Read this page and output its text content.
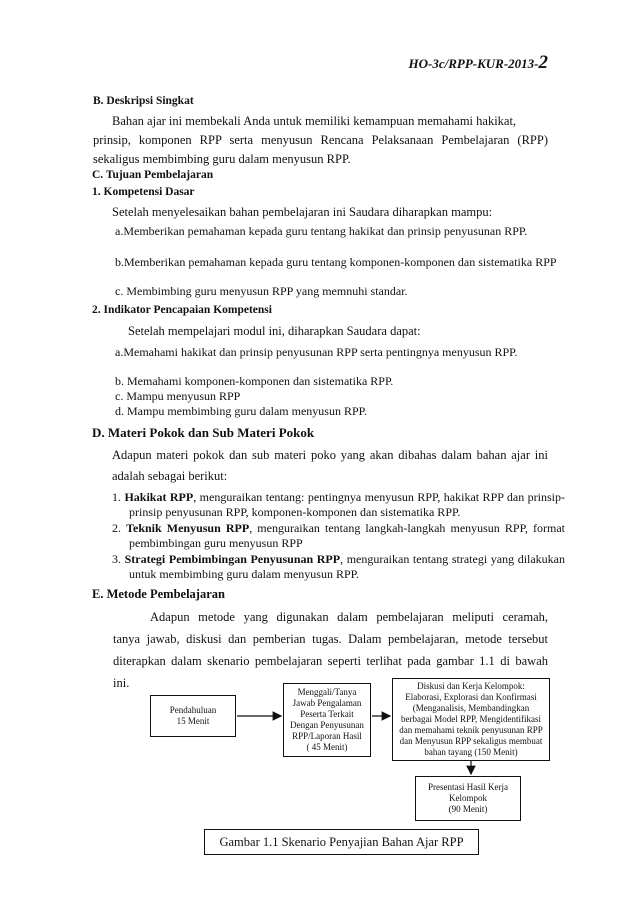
HO-3c/RPP-KUR-2013-2
B. Deskripsi Singkat
Bahan ajar ini membekali Anda untuk memiliki kemampuan memahami hakikat,
prinsip, komponen RPP serta menyusun Rencana Pelaksanaan Pembelajaran (RPP)
sekaligus membimbing guru dalam menyusun RPP.
C. Tujuan Pembelajaran
1. Kompetensi Dasar
Setelah menyelesaikan bahan pembelajaran ini Saudara diharapkan mampu:
a.Memberikan pemahaman kepada guru tentang hakikat dan prinsip penyusunan RPP.
b.Memberikan pemahaman kepada guru tentang komponen-komponen dan sistematika RPP
c. Membimbing guru menyusun RPP yang memnuhi standar.
2. Indikator Pencapaian Kompetensi
Setelah mempelajari modul ini, diharapkan Saudara dapat:
a.Memahami hakikat dan prinsip penyusunan RPP serta pentingnya menyusun RPP.
b. Memahami komponen-komponen dan sistematika RPP.
c. Mampu menyusun RPP
d. Mampu membimbing guru dalam menyusun RPP.
D. Materi Pokok dan Sub Materi Pokok
Adapun materi pokok dan sub materi poko yang akan dibahas dalam bahan ajar ini
adalah sebagai berikut:
1. Hakikat RPP, menguraikan tentang: pentingnya menyusun RPP, hakikat RPP dan prinsip-prinsip penyusunan RPP, komponen-komponen dan sistematika RPP.
2. Teknik Menyusun RPP, menguraikan tentang langkah-langkah menyusun RPP, format pembimbingan guru menyusun RPP
3. Strategi Pembimbingan Penyusunan RPP, menguraikan tentang strategi yang dilakukan untuk membimbing guru dalam menyusun RPP.
E. Metode Pembelajaran
Adapun metode yang digunakan dalam pembelajaran meliputi ceramah,
tanya jawab, diskusi dan pemberian tugas. Dalam pembelajaran, metode tersebut
diterapkan dalam skenario pembelajaran seperti terlihat pada gambar 1.1 di bawah
ini.
Pendahuluan
15 Menit
Menggali/Tanya
Jawab Pengalaman
Peserta Terkait
Dengan Penyusunan
RPP/Laporan Hasil
( 45 Menit)
Diskusi dan Kerja Kelompok:
Elaborasi, Explorasi dan Konfirmasi
(Menganalisis, Membandingkan
berbagai Model RPP, Mengidentifikasi
dan memahami teknik penyusunan RPP
dan Menyusun RPP sekaligus membuat
bahan tayang (150 Menit)
Presentasi Hasil Kerja
Kelompok
(90 Menit)
Gambar 1.1 Skenario Penyajian Bahan Ajar RPP
